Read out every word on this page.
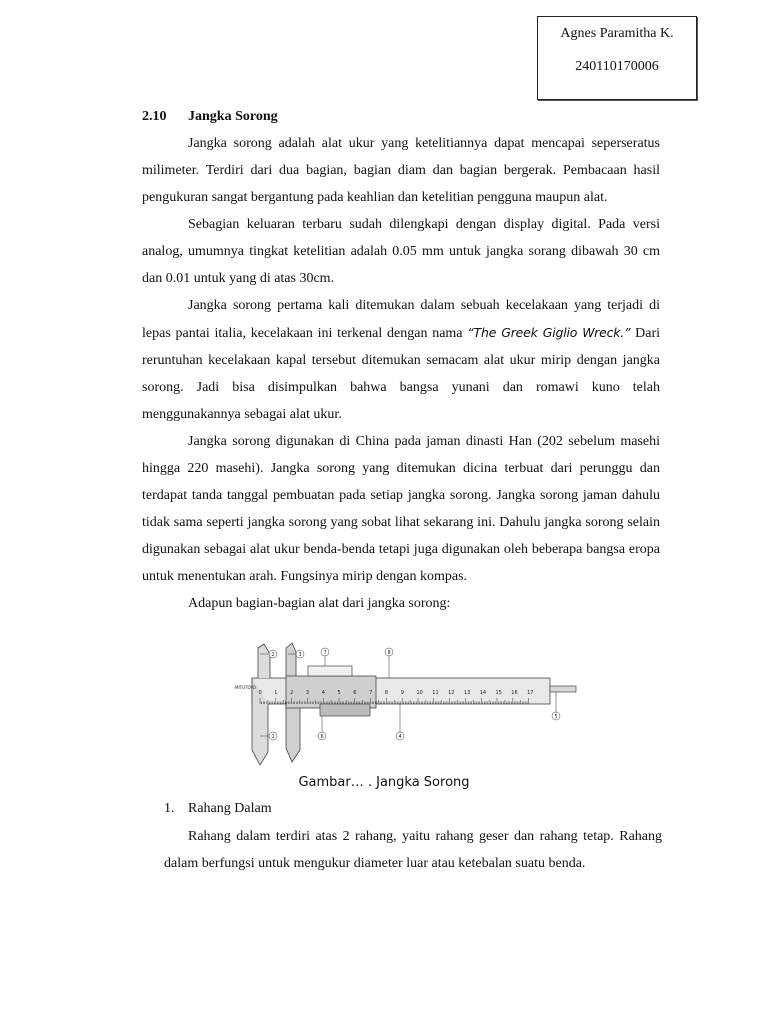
Agnes Paramitha K.
240110170006
2.10 Jangka Sorong

Jangka sorong adalah alat ukur yang ketelitiannya dapat mencapai seperseratus milimeter. Terdiri dari dua bagian, bagian diam dan bagian bergerak. Pembacaan hasil pengukuran sangat bergantung pada keahlian dan ketelitian pengguna maupun alat.

Sebagian keluaran terbaru sudah dilengkapi dengan display digital. Pada versi analog, umumnya tingkat ketelitian adalah 0.05 mm untuk jangka sorang dibawah 30 cm dan 0.01 untuk yang di atas 30cm.

Jangka sorong pertama kali ditemukan dalam sebuah kecelakaan yang terjadi di lepas pantai italia, kecelakaan ini terkenal dengan nama “The Greek Giglio Wreck.” Dari reruntuhan kecelakaan kapal tersebut ditemukan semacam alat ukur mirip dengan jangka sorong. Jadi bisa disimpulkan bahwa bangsa yunani dan romawi kuno telah menggunakannya sebagai alat ukur.

Jangka sorong digunakan di China pada jaman dinasti Han (202 sebelum masehi hingga 220 masehi). Jangka sorong yang ditemukan dicina terbuat dari perunggu dan terdapat tanda tanggal pembuatan pada setiap jangka sorong. Jangka sorong jaman dahulu tidak sama seperti jangka sorong yang sobat lihat sekarang ini. Dahulu jangka sorong selain digunakan sebagai alat ukur benda-benda tetapi juga digunakan oleh beberapa bangsa eropa untuk menentukan arah. Fungsinya mirip dengan kompas.

Adapun bagian-bagian alat dari jangka sorong:

0	1	2	3	4	5	6	7	8	9	10 11 12 13 14 15 16 17
MITUTOYO
1
2	3
4
5
6
7	8
Gambar… . Jangka Sorong
1. Rahang Dalam

Rahang dalam terdiri atas 2 rahang, yaitu rahang geser dan rahang tetap. Rahang dalam berfungsi untuk mengukur diameter luar atau ketebalan suatu benda.
